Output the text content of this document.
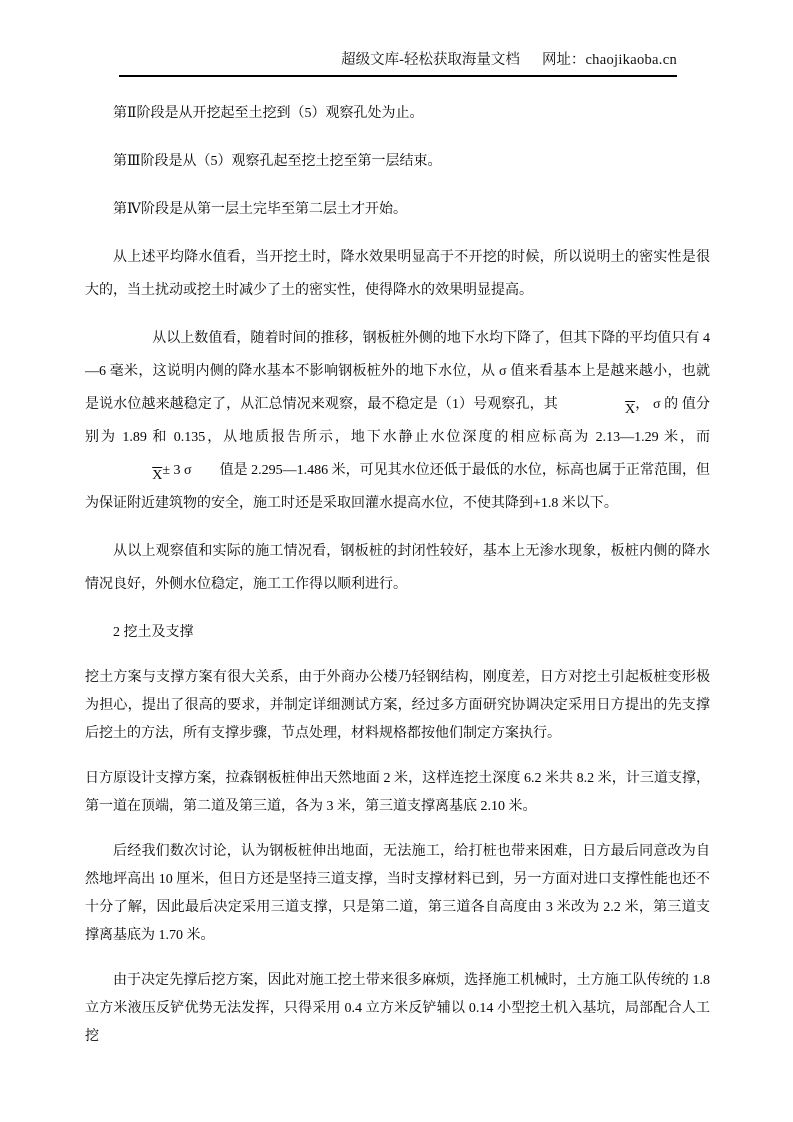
超级文库-轻松获取海量文档 网址：chaojikaoba.cn

第Ⅱ阶段是从开挖起至土挖到（5）观察孔处为止。

第Ⅲ阶段是从（5）观察孔起至挖土挖至第一层结束。

第Ⅳ阶段是从第一层土完毕至第二层土才开始。

从上述平均降水值看，当开挖土时，降水效果明显高于不开挖的时候，所以说明土的密实性是很大的，当土扰动或挖土时减少了土的密实性，使得降水的效果明显提高。

从以上数值看，随着时间的推移，钢板桩外侧的地下水均下降了，但其下降的平均值只有 4—6 毫米，这说明内侧的降水基本不影响钢板桩外的地下水位，从 σ 值来看基本上是越来越小，也就是说水位越来越稳定了，从汇总情况来观察，最不稳定是（1）号观察孔，其	$\overline{X}$， σ 的 值分别为 1.89 和 0.135，从地质报告所示，地下水静止水位深度的相应标高为 2.13—1.29 米，而$\overline{X}\pm 3$ σ　　值是 2.295—1.486 米，可见其水位还低于最低的水位，标高也属于正常范围，但为保证附近建筑物的安全，施工时还是采取回灌水提高水位，不使其降到+1.8 米以下。

从以上观察值和实际的施工情况看，钢板桩的封闭性较好，基本上无渗水现象，板桩内侧的降水情况良好，外侧水位稳定，施工工作得以顺利进行。

2 挖土及支撑

挖土方案与支撑方案有很大关系，由于外商办公楼乃轻钢结构，刚度差，日方对挖土引起板桩变形极为担心，提出了很高的要求，并制定详细测试方案，经过多方面研究协调决定采用日方提出的先支撑后挖土的方法，所有支撑步骤，节点处理，材料规格都按他们制定方案执行。

日方原设计支撑方案，拉森钢板桩伸出天然地面 2 米，这样连挖土深度 6.2 米共 8.2 米，计三道支撑，第一道在顶端，第二道及第三道，各为 3 米，第三道支撑离基底 2.10 米。

后经我们数次讨论，认为钢板桩伸出地面，无法施工，给打桩也带来困难，日方最后同意改为自然地坪高出 10 厘米，但日方还是坚持三道支撑，当时支撑材料已到，另一方面对进口支撑性能也还不十分了解，因此最后决定采用三道支撑，只是第二道，第三道各自高度由 3 米改为 2.2 米，第三道支撑离基底为 1.70 米。

由于决定先撑后挖方案，因此对施工挖土带来很多麻烦，选择施工机械时，土方施工队传统的 1.8 立方米液压反铲优势无法发挥，只得采用 0.4 立方米反铲辅以 0.14 小型挖土机入基坑，局部配合人工挖
